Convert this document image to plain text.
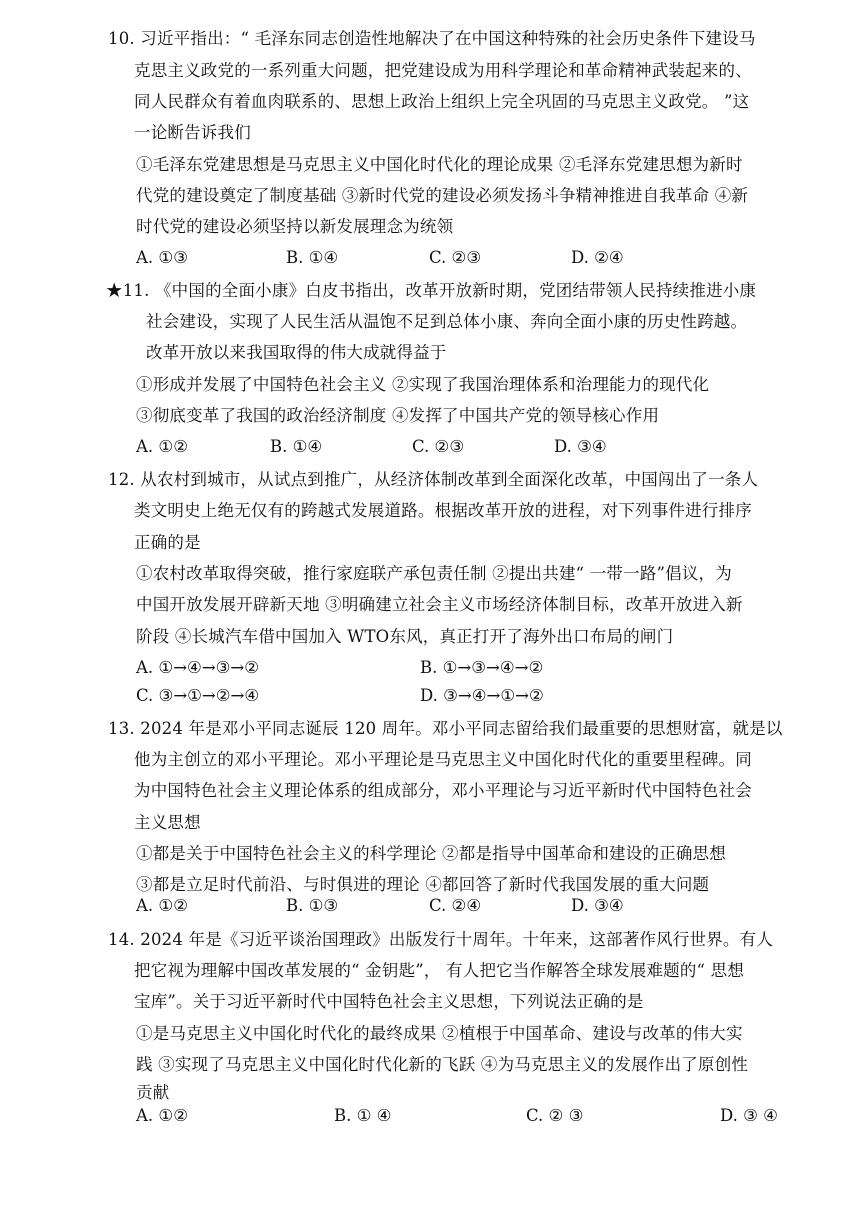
10. 习近平指出：“ 毛泽东同志创造性地解决了在中国这种特殊的社会历史条件下建设马
克思主义政党的一系列重大问题，把党建设成为用科学理论和革命精神武装起来的、
同人民群众有着血肉联系的、思想上政治上组织上完全巩固的马克思主义政党。 ”这
一论断告诉我们
①毛泽东党建思想是马克思主义中国化时代化的理论成果 ②毛泽东党建思想为新时
代党的建设奠定了制度基础 ③新时代党的建设必须发扬斗争精神推进自我革命 ④新
时代党的建设必须坚持以新发展理念为统领
A. ①③	B. ①④	C. ②③	D. ②④
★11. 《中国的全面小康》白皮书指出，改革开放新时期，党团结带领人民持续推进小康
社会建设，实现了人民生活从温饱不足到总体小康、奔向全面小康的历史性跨越。
改革开放以来我国取得的伟大成就得益于
①形成并发展了中国特色社会主义 ②实现了我国治理体系和治理能力的现代化
③彻底变革了我国的政治经济制度 ④发挥了中国共产党的领导核心作用
A. ①②	B. ①④	C. ②③	D. ③④
12. 从农村到城市，从试点到推广，从经济体制改革到全面深化改革，中国闯出了一条人
类文明史上绝无仅有的跨越式发展道路。根据改革开放的进程，对下列事件进行排序
正确的是
①农村改革取得突破，推行家庭联产承包责任制 ②提出共建“ 一带一路”倡议，为
中国开放发展开辟新天地 ③明确建立社会主义市场经济体制目标，改革开放进入新
阶段 ④长城汽车借中国加入 WTO东风，真正打开了海外出口布局的闸门
A. ①→④→③→②	B. ①→③→④→②
C. ③→①→②→④	D. ③→④→①→②
13. 2024 年是邓小平同志诞辰 120 周年。邓小平同志留给我们最重要的思想财富，就是以
他为主创立的邓小平理论。邓小平理论是马克思主义中国化时代化的重要里程碑。同
为中国特色社会主义理论体系的组成部分，邓小平理论与习近平新时代中国特色社会
主义思想
①都是关于中国特色社会主义的科学理论 ②都是指导中国革命和建设的正确思想
③都是立足时代前沿、与时俱进的理论 ④都回答了新时代我国发展的重大问题
A. ①②	B. ①③	C. ②④	D. ③④
14. 2024 年是《习近平谈治国理政》出版发行十周年。十年来，这部著作风行世界。有人
把它视为理解中国改革发展的“ 金钥匙”， 有人把它当作解答全球发展难题的“ 思想
宝库”。关于习近平新时代中国特色社会主义思想，下列说法正确的是
①是马克思主义中国化时代化的最终成果 ②植根于中国革命、建设与改革的伟大实
践 ③实现了马克思主义中国化时代化新的飞跃 ④为马克思主义的发展作出了原创性
贡献
A. ①②	B. ① ④	C. ② ③	D. ③ ④
